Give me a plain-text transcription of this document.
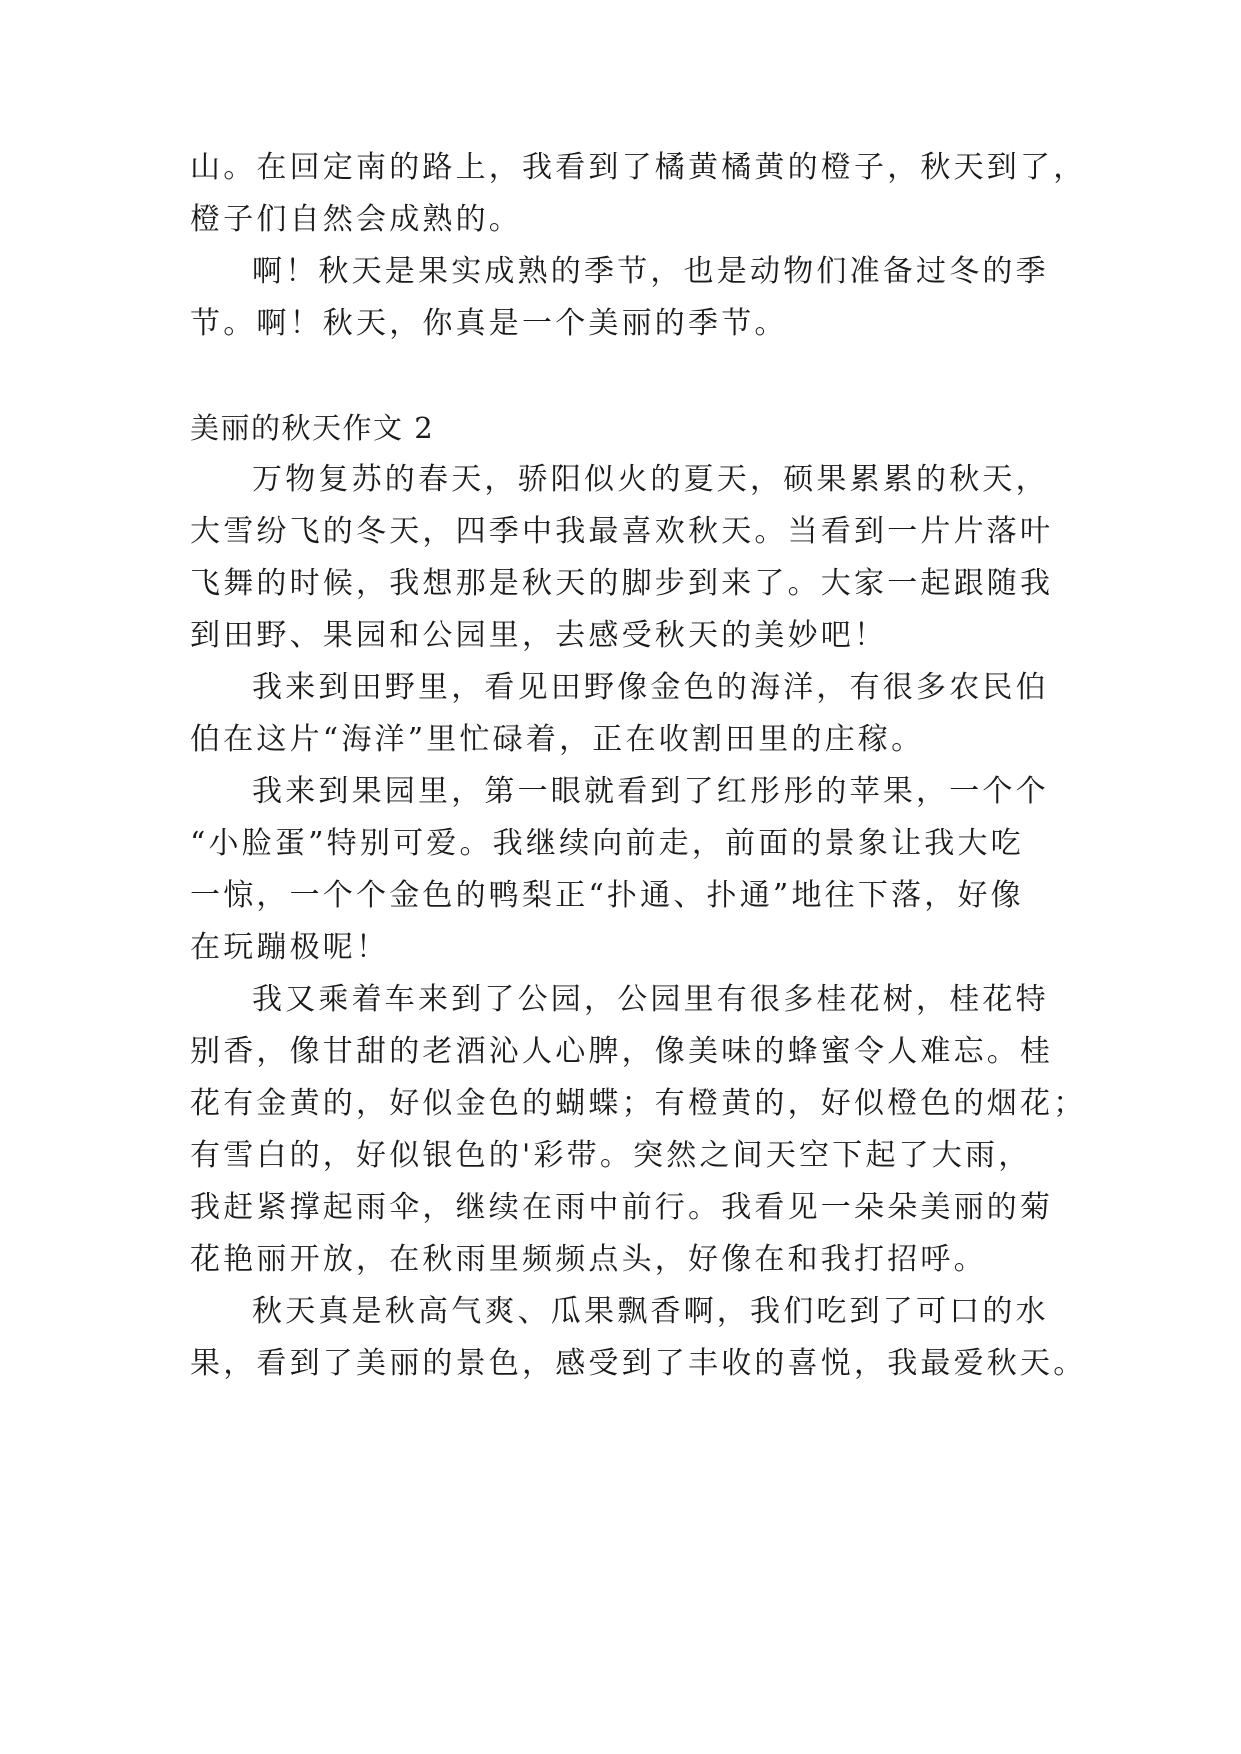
山。在回定南的路上，我看到了橘黄橘黄的橙子，秋天到了，
橙子们自然会成熟的。
啊！秋天是果实成熟的季节，也是动物们准备过冬的季
节。啊！秋天，你真是一个美丽的季节。
美丽的秋天作文 2
万物复苏的春天，骄阳似火的夏天，硕果累累的秋天，
大雪纷飞的冬天，四季中我最喜欢秋天。当看到一片片落叶
飞舞的时候，我想那是秋天的脚步到来了。大家一起跟随我
到田野、果园和公园里，去感受秋天的美妙吧！
我来到田野里，看见田野像金色的海洋，有很多农民伯
伯在这片“海洋”里忙碌着，正在收割田里的庄稼。
我来到果园里，第一眼就看到了红彤彤的苹果，一个个
“小脸蛋”特别可爱。我继续向前走，前面的景象让我大吃
一惊，一个个金色的鸭梨正“扑通、扑通”地往下落，好像
在玩蹦极呢！
我又乘着车来到了公园，公园里有很多桂花树，桂花特
别香，像甘甜的老酒沁人心脾，像美味的蜂蜜令人难忘。桂
花有金黄的，好似金色的蝴蝶；有橙黄的，好似橙色的烟花；
有雪白的，好似银色的'彩带。突然之间天空下起了大雨，
我赶紧撑起雨伞，继续在雨中前行。我看见一朵朵美丽的菊
花艳丽开放，在秋雨里频频点头，好像在和我打招呼。
秋天真是秋高气爽、瓜果飘香啊，我们吃到了可口的水
果，看到了美丽的景色，感受到了丰收的喜悦，我最爱秋天。
